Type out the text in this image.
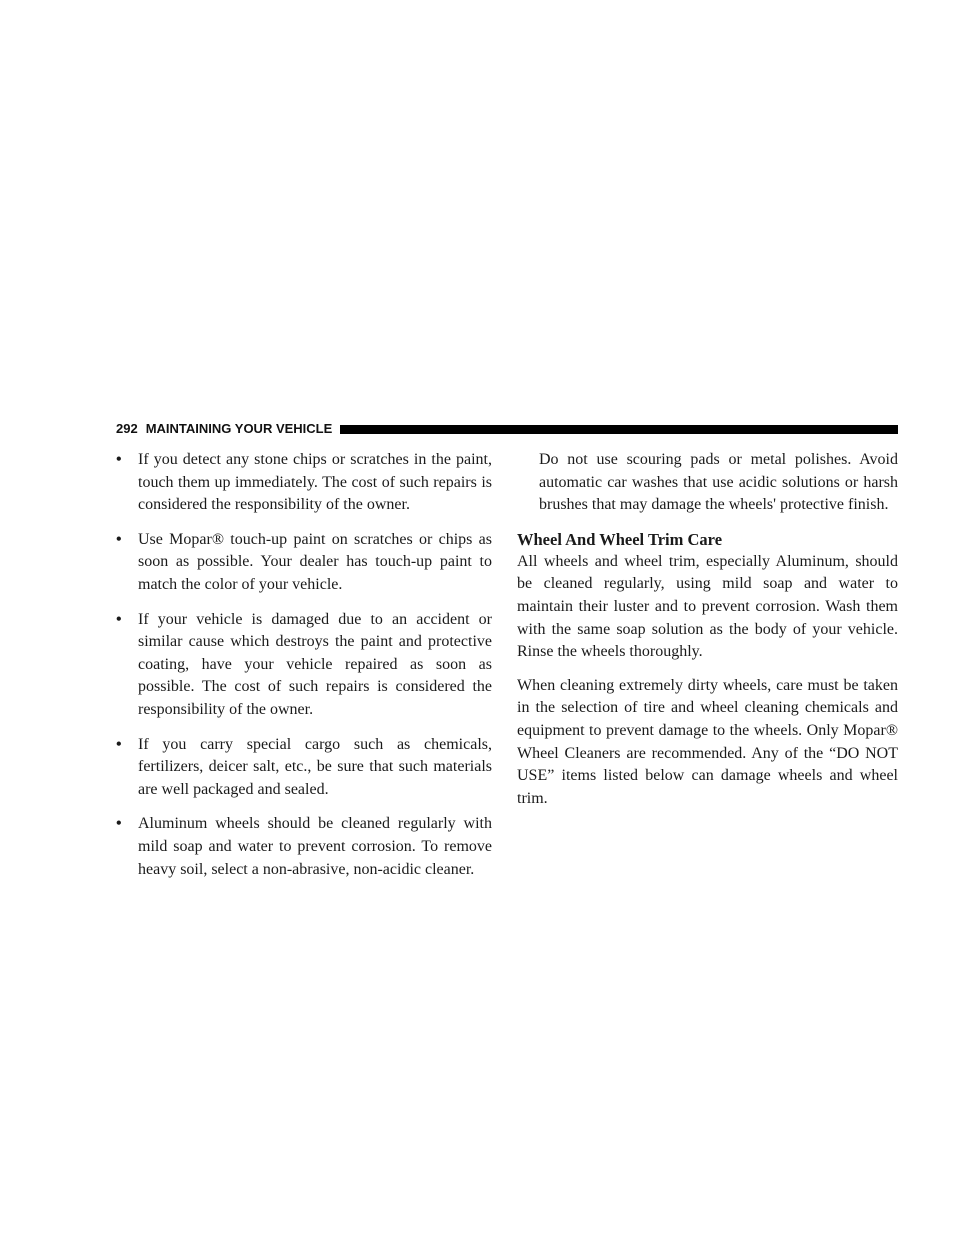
292 MAINTAINING YOUR VEHICLE

• If you detect any stone chips or scratches in the paint, touch them up immediately. The cost of such repairs is considered the responsibility of the owner.

• Use Mopar® touch-up paint on scratches or chips as soon as possible. Your dealer has touch-up paint to match the color of your vehicle.

• If your vehicle is damaged due to an accident or similar cause which destroys the paint and protective coating, have your vehicle repaired as soon as possible. The cost of such repairs is considered the responsibility of the owner.

• If you carry special cargo such as chemicals, fertilizers, deicer salt, etc., be sure that such materials are well packaged and sealed.

• Aluminum wheels should be cleaned regularly with mild soap and water to prevent corrosion. To remove heavy soil, select a non-abrasive, non-acidic cleaner.

Do not use scouring pads or metal polishes. Avoid automatic car washes that use acidic solutions or harsh brushes that may damage the wheels' protective finish.

Wheel And Wheel Trim Care

All wheels and wheel trim, especially Aluminum, should be cleaned regularly, using mild soap and water to maintain their luster and to prevent corrosion. Wash them with the same soap solution as the body of your vehicle. Rinse the wheels thoroughly.

When cleaning extremely dirty wheels, care must be taken in the selection of tire and wheel cleaning chemicals and equipment to prevent damage to the wheels. Only Mopar® Wheel Cleaners are recommended. Any of the “DO NOT USE” items listed below can damage wheels and wheel trim.
